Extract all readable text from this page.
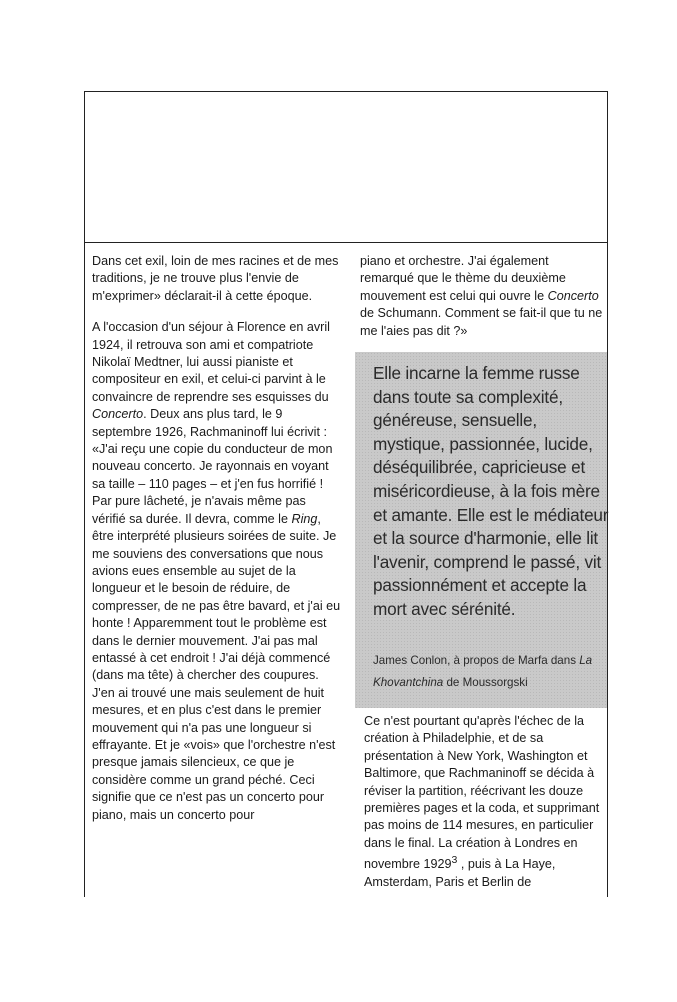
Dans cet exil, loin de mes racines et de mes traditions, je ne trouve plus l'envie de m'exprimer» déclarait-il à cette époque.

A l'occasion d'un séjour à Florence en avril 1924, il retrouva son ami et compatriote Nikolaï Medtner, lui aussi pianiste et compositeur en exil, et celui-ci parvint à le convaincre de reprendre ses esquisses du Concerto. Deux ans plus tard, le 9 septembre 1926, Rachmaninoff lui écrivit : «J'ai reçu une copie du conducteur de mon nouveau concerto. Je rayonnais en voyant sa taille – 110 pages – et j'en fus horrifié ! Par pure lâcheté, je n'avais même pas vérifié sa durée. Il devra, comme le Ring, être interprété plusieurs soirées de suite. Je me souviens des conversations que nous avions eues ensemble au sujet de la longueur et le besoin de réduire, de compresser, de ne pas être bavard, et j'ai eu honte ! Apparemment tout le problème est dans le dernier mouvement. J'ai pas mal entassé à cet endroit ! J'ai déjà commencé (dans ma tête) à chercher des coupures. J'en ai trouvé une mais seulement de huit mesures, et en plus c'est dans le premier mouvement qui n'a pas une longueur si effrayante. Et je «vois» que l'orchestre n'est presque jamais silencieux, ce que je considère comme un grand péché. Ceci signifie que ce n'est pas un concerto pour piano, mais un concerto pour

piano et orchestre. J'ai également remarqué que le thème du deuxième mouvement est celui qui ouvre le Concerto de Schumann. Comment se fait-il que tu ne me l'aies pas dit ?»

Elle incarne la femme russe dans toute sa complexité, généreuse, sensuelle, mystique, passionnée, lucide, déséquilibrée, capricieuse et miséricordieuse, à la fois mère et amante. Elle est le médiateur et la source d'harmonie, elle lit l'avenir, comprend le passé, vit passionnément et accepte la mort avec sérénité.
James Conlon, à propos de Marfa dans La Khovantchina de Moussorgski

Ce n'est pourtant qu'après l'échec de la création à Philadelphie, et de sa présentation à New York, Washington et Baltimore, que Rachmaninoff se décida à réviser la partition, réécrivant les douze premières pages et la coda, et supprimant pas moins de 114 mesures, en particulier dans le final. La création à Londres en novembre 1929$^3$ , puis à La Haye, Amsterdam, Paris et Berlin de
